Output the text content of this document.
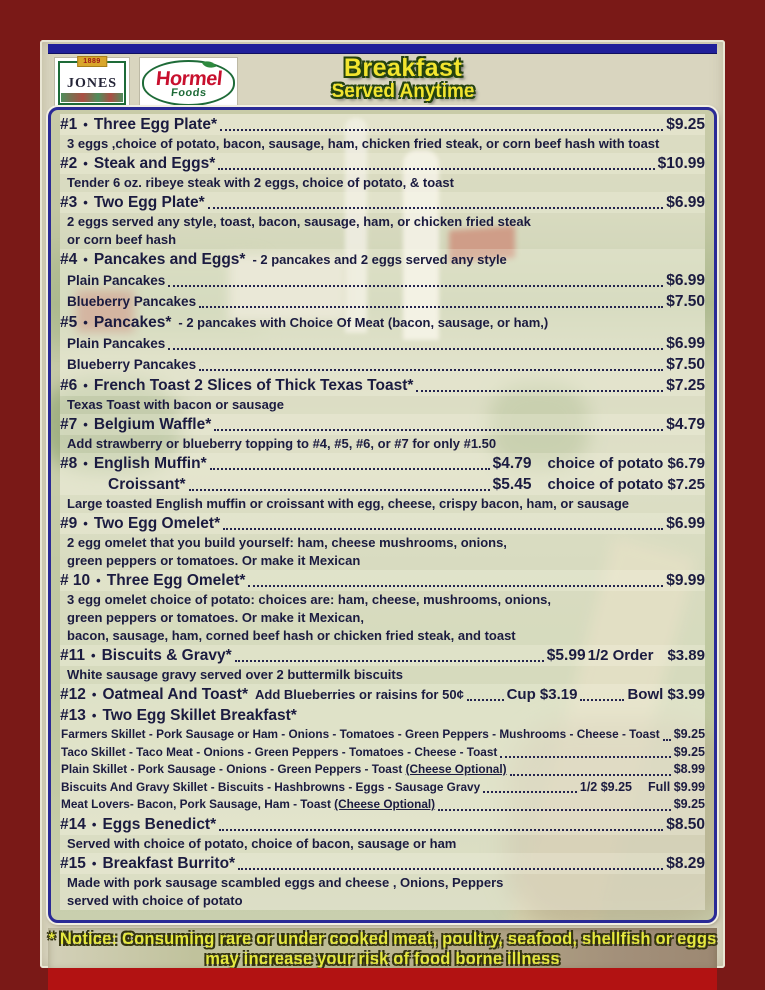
1889
JONES Hormel
Foods
Breakfast
Served Anytime
#1 • Three Egg Plate*	$9.25
3 eggs ,choice of potato, bacon, sausage, ham, chicken fried steak, or corn beef hash with toast
#2 • Steak and Eggs*	$10.99
Tender 6 oz. ribeye steak with 2 eggs, choice of potato, & toast
#3 • Two Egg Plate*	$6.99
2 eggs served any style, toast, bacon, sausage, ham, or chicken fried steak
or corn beef hash
#4 • Pancakes and Eggs* - 2 pancakes and 2 eggs served any style
Plain Pancakes	$6.99
Blueberry Pancakes	$7.50
#5 • Pancakes* - 2 pancakes with Choice Of Meat (bacon, sausage, or ham,)
Plain Pancakes	$6.99
Blueberry Pancakes	$7.50
#6 • French Toast 2 Slices of Thick Texas Toast*	$7.25
Texas Toast with bacon or sausage
#7 • Belgium Waffle*	$4.79
Add strawberry or blueberry topping to #4, #5, #6, or #7 for only #1.50
#8 • English Muffin*	$4.79 choice of potato $6.79
Croissant*	$5.45 choice of potato $7.25
Large toasted English muffin or croissant with egg, cheese, crispy bacon, ham, or sausage
#9 • Two Egg Omelet*	$6.99
2 egg omelet that you build yourself: ham, cheese mushrooms, onions,
green peppers or tomatoes. Or make it Mexican
# 10 • Three Egg Omelet*	$9.99
3 egg omelet choice of potato: choices are: ham, cheese, mushrooms, onions,
green peppers or tomatoes. Or make it Mexican,
bacon, sausage, ham, corned beef hash or chicken fried steak, and toast
#11 • Biscuits & Gravy*	$5.99 1/2 Order $3.89
White sausage gravy served over 2 buttermilk biscuits
#12 • Oatmeal And Toast* Add Blueberries or raisins for 50¢	Cup $3.19	Bowl $3.99
#13 • Two Egg Skillet Breakfast*
Farmers Skillet - Pork Sausage or Ham - Onions - Tomatoes - Green Peppers - Mushrooms - Cheese - Toast $9.25
Taco Skillet - Taco Meat - Onions - Green Peppers - Tomatoes - Cheese - Toast	$9.25
Plain Skillet - Pork Sausage - Onions - Green Peppers - Toast (Cheese Optional)	$8.99
Biscuits And Gravy Skillet - Biscuits - Hashbrowns - Eggs - Sausage Gravy	1/2 $9.25 Full $9.99
Meat Lovers- Bacon, Pork Sausage, Ham - Toast (Cheese Optional)	$9.25
#14 • Eggs Benedict*	$8.50
Served with choice of potato, choice of bacon, sausage or ham
#15 • Breakfast Burrito*	$8.29
Made with pork sausage scambled eggs and cheese , Onions, Peppers
served with choice of potato
* Notice: Consuming rare or under cooked meat, poultry, seafood, shellfish or eggs
may increase your risk of food borne illness
